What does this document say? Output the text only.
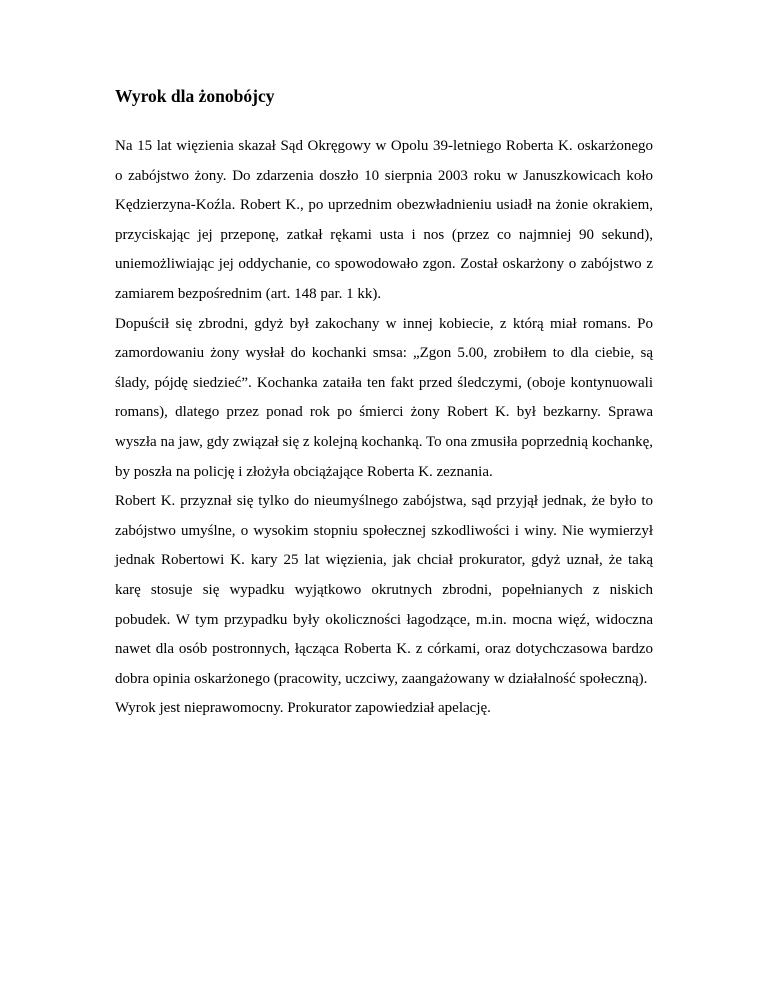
Wyrok dla żonobójcy

Na 15 lat więzienia skazał Sąd Okręgowy w Opolu 39-letniego Roberta K. oskarżonego o zabójstwo żony. Do zdarzenia doszło 10 sierpnia 2003 roku w Januszkowicach koło Kędzierzyna-Koźla. Robert K., po uprzednim obezwładnieniu usiadł na żonie okrakiem, przyciskając jej przeponę, zatkał rękami usta i nos (przez co najmniej 90 sekund), uniemożliwiając jej oddychanie, co spowodowało zgon. Został oskarżony o zabójstwo z zamiarem bezpośrednim (art. 148 par. 1 kk).

Dopuścił się zbrodni, gdyż był zakochany w innej kobiecie, z którą miał romans. Po zamordowaniu żony wysłał do kochanki smsa: „Zgon 5.00, zrobiłem to dla ciebie, są ślady, pójdę siedzieć”. Kochanka zataiła ten fakt przed śledczymi, (oboje kontynuowali romans), dlatego przez ponad rok po śmierci żony Robert K. był bezkarny. Sprawa wyszła na jaw, gdy związał się z kolejną kochanką. To ona zmusiła poprzednią kochankę, by poszła na policję i złożyła obciążające Roberta K. zeznania.

Robert K. przyznał się tylko do nieumyślnego zabójstwa, sąd przyjął jednak, że było to zabójstwo umyślne, o wysokim stopniu społecznej szkodliwości i winy. Nie wymierzył jednak Robertowi K. kary 25 lat więzienia, jak chciał prokurator, gdyż uznał, że taką karę stosuje się wypadku wyjątkowo okrutnych zbrodni, popełnianych z niskich pobudek. W tym przypadku były okoliczności łagodzące, m.in. mocna więź, widoczna nawet dla osób postronnych, łącząca Roberta K. z córkami, oraz dotychczasowa bardzo dobra opinia oskarżonego (pracowity, uczciwy, zaangażowany w działalność społeczną).

Wyrok jest nieprawomocny. Prokurator zapowiedział apelację.
